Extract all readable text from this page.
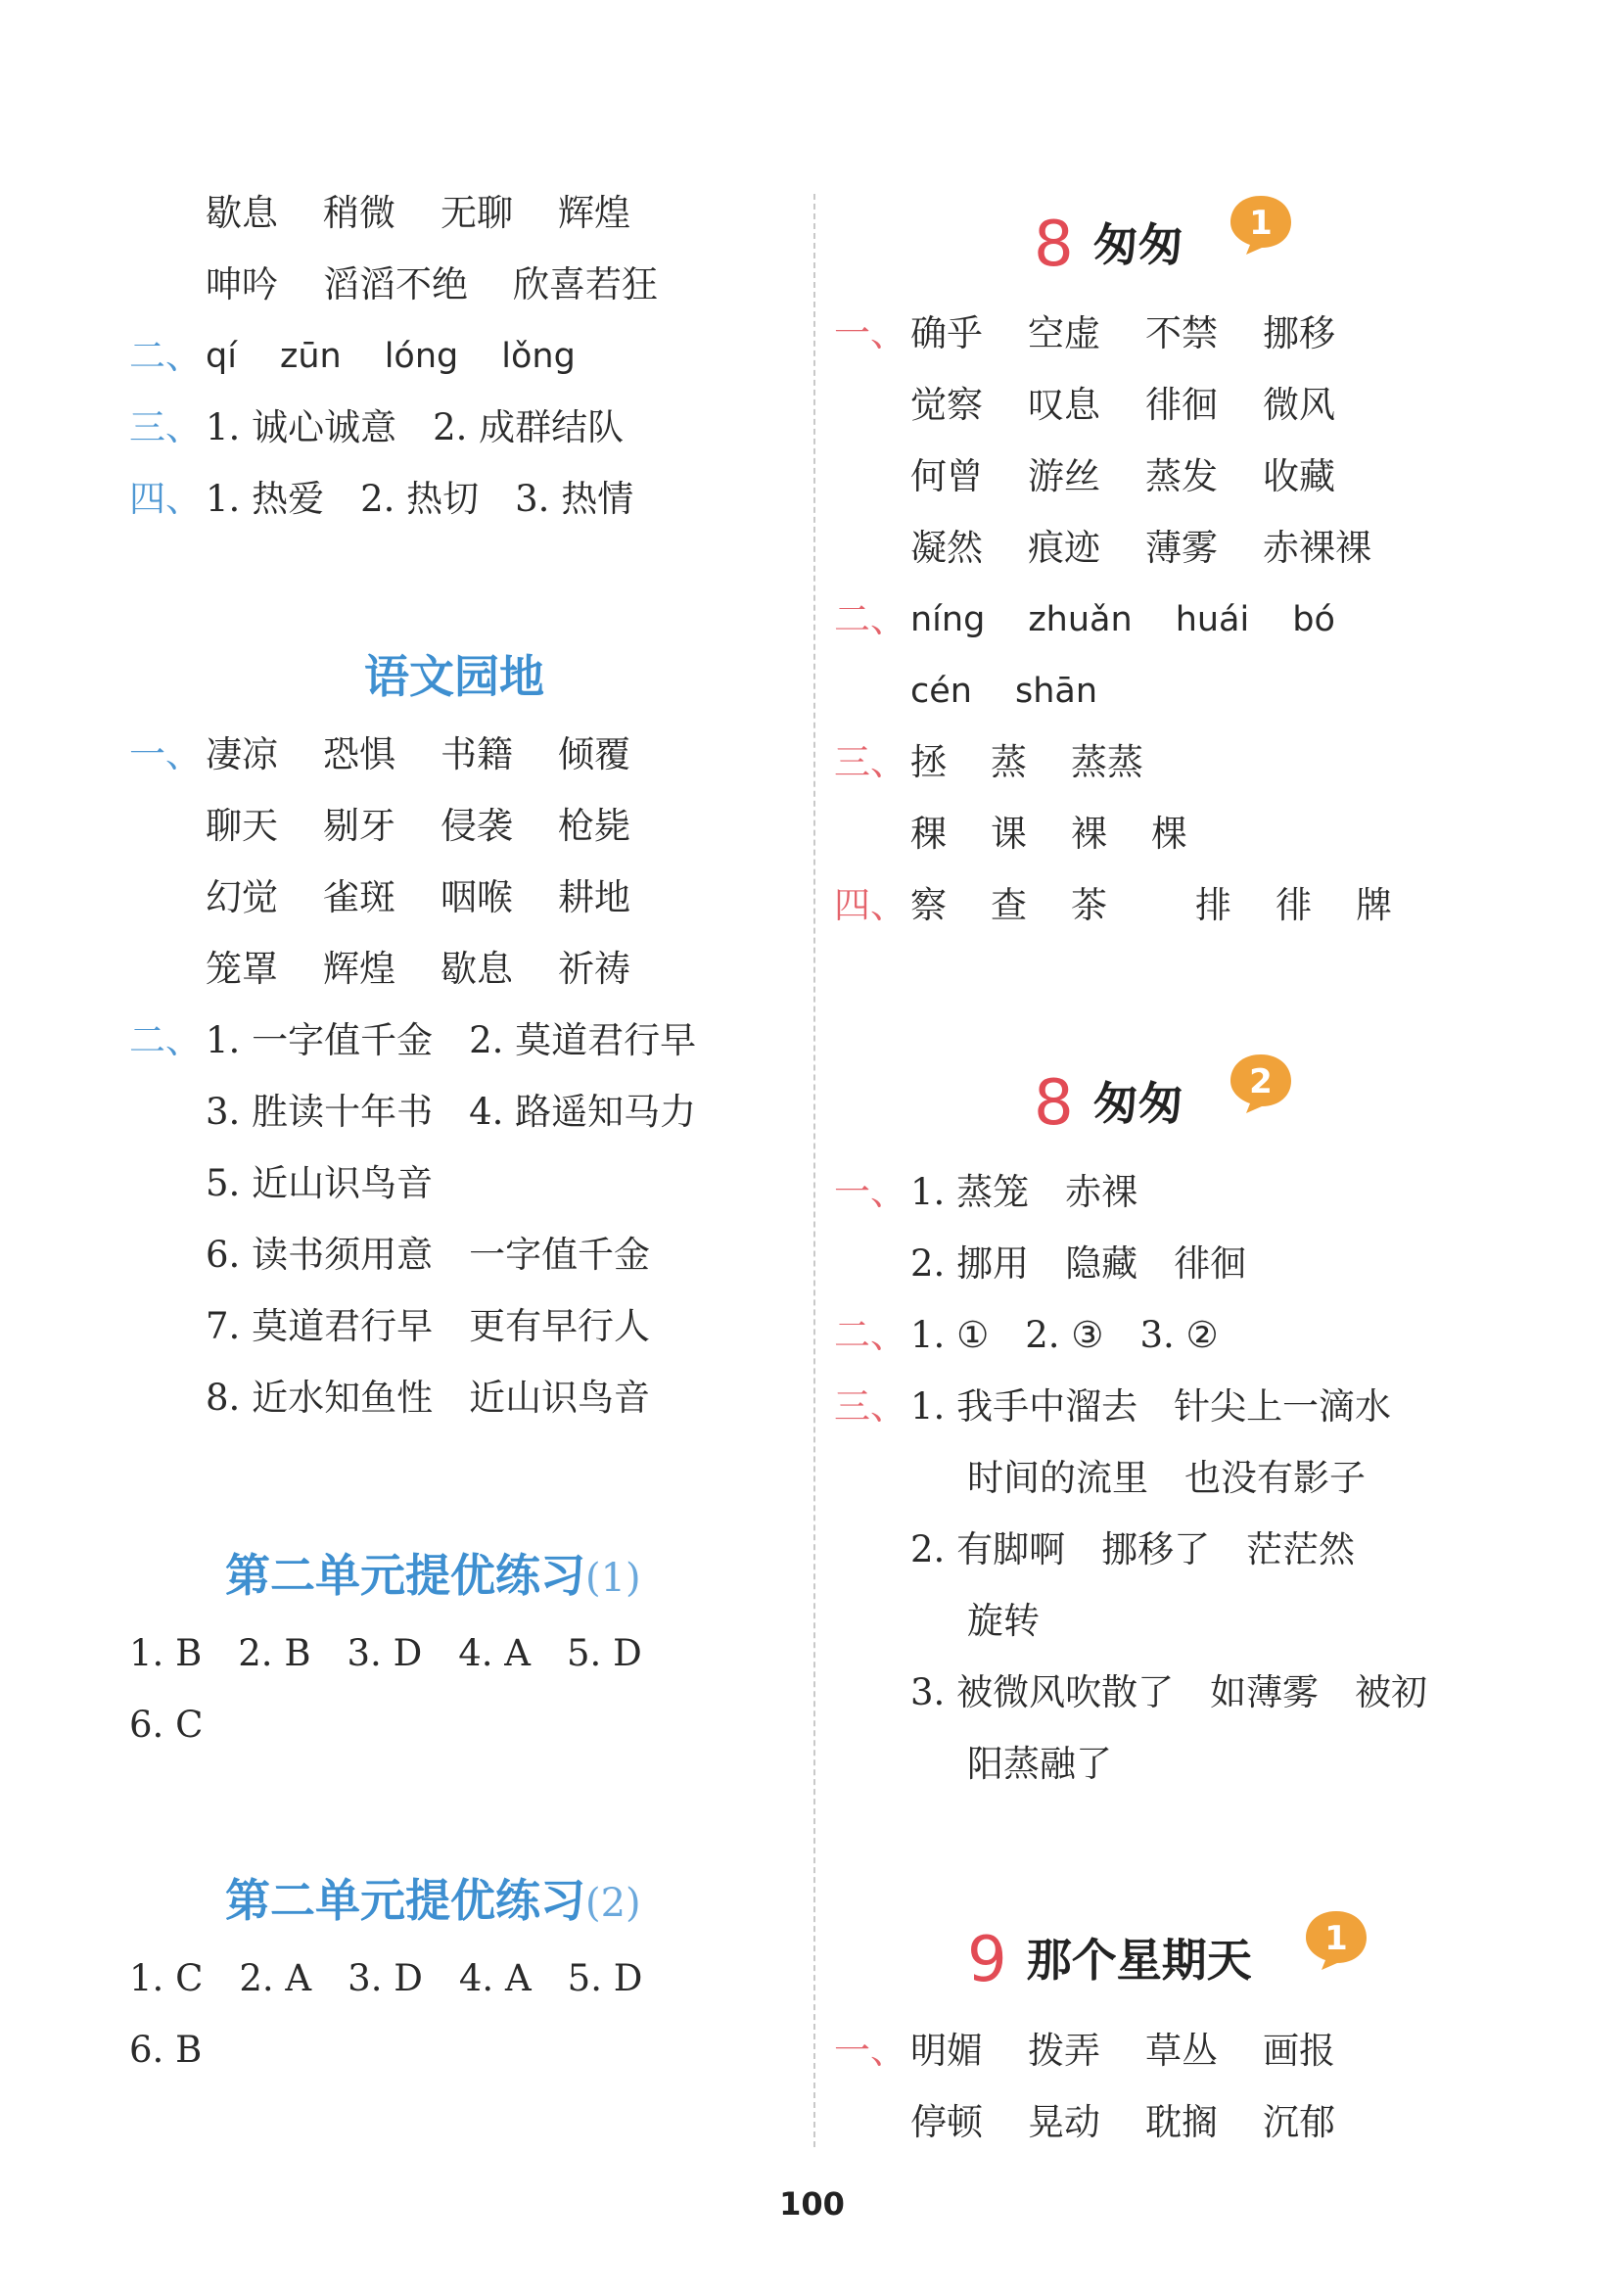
歇息 稍微 无聊 辉煌
呻吟 滔滔不绝 欣喜若狂
二、 qí zūn lóng lǒng
三、 1. 诚心诚意　2. 成群结队
四、 1. 热爱　2. 热切　3. 热情
语文园地
一、 凄凉 恐惧 书籍 倾覆
聊天 剔牙 侵袭 枪毙
幻觉 雀斑 咽喉 耕地
笼罩 辉煌 歇息 祈祷
二、 1. 一字值千金　2. 莫道君行早
3. 胜读十年书　4. 路遥知马力
5. 近山识鸟音
6. 读书须用意　一字值千金
7. 莫道君行早　更有早行人
8. 近水知鱼性　近山识鸟音
第二单元提优练习(1)
1. B　2. B　3. D　4. A　5. D
6. C
第二单元提优练习(2)
1. C　2. A　3. D　4. A　5. D
6. B
8 匆匆 1
一、 确乎 空虚 不禁 挪移
觉察 叹息 徘徊 微风
何曾 游丝 蒸发 收藏
凝然 痕迹 薄雾 赤裸裸
二、 níng zhuǎn huái bó
cén shān
三、 拯 蒸 蒸蒸
稞 课 裸 棵
四、 察 查 茶 排 徘 牌
8 匆匆 2
一、 1. 蒸笼　赤裸
2. 挪用　隐藏　徘徊
二、 1. ①　2. ③　3. ②
三、 1. 我手中溜去　针尖上一滴水
时间的流里　也没有影子
2. 有脚啊　挪移了　茫茫然
旋转
3. 被微风吹散了　如薄雾　被初
阳蒸融了
9 那个星期天 1
一、 明媚 拨弄 草丛 画报
停顿 晃动 耽搁 沉郁
100
